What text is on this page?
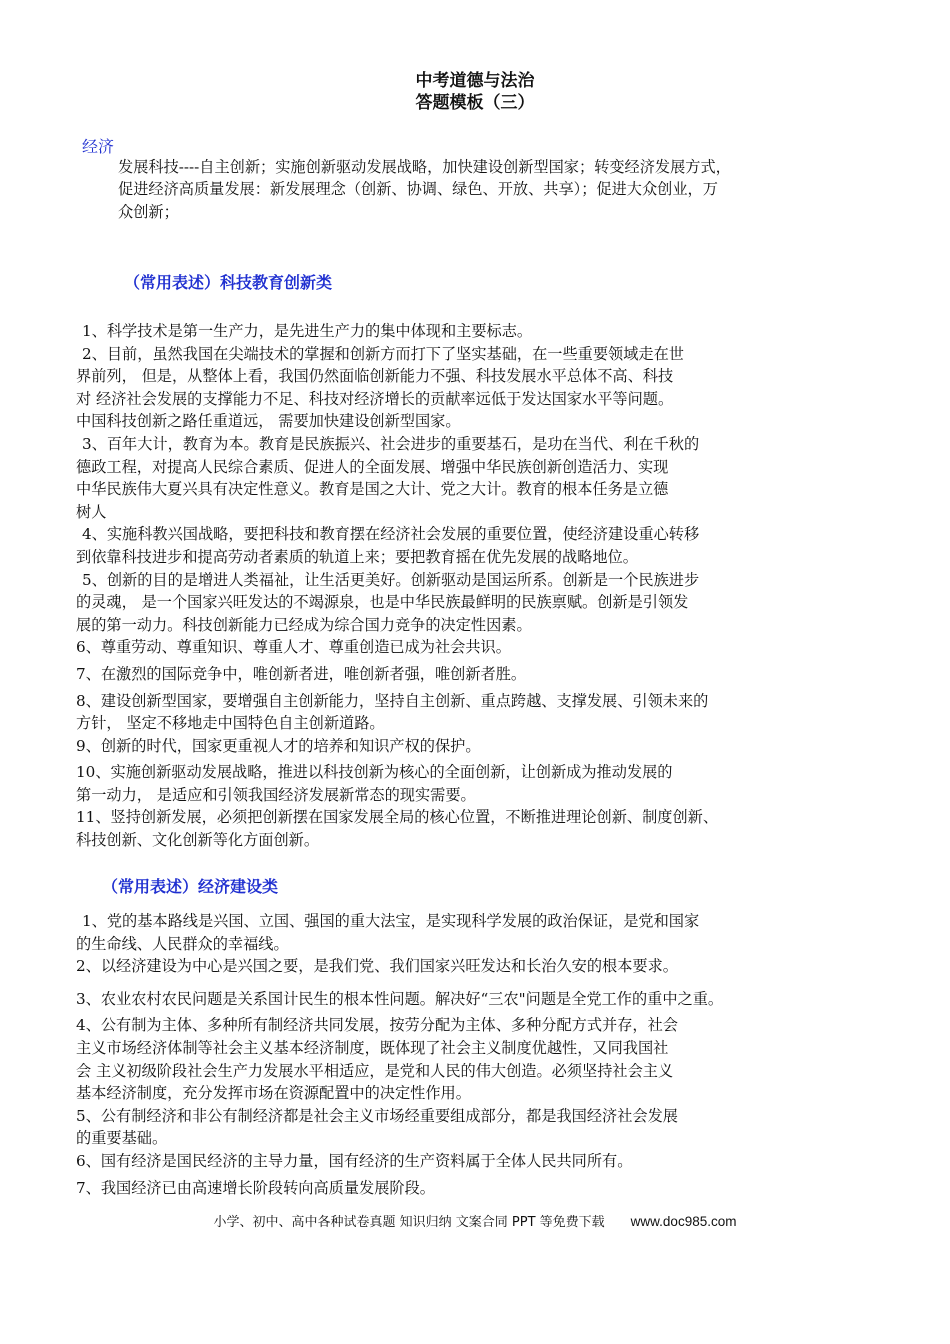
中考道德与法治
答题模板（三）
经济
发展科技----自主创新；实施创新驱动发展战略，加快建设创新型国家；转变经济发展方式，
促进经济高质量发展：新发展理念（创新、协调、绿色、开放、共享）；促进大众创业，万
众创新；
（常用表述）科技教育创新类
1、科学技术是第一生产力，是先进生产力的集中体现和主要标志。
2、目前，虽然我国在尖端技术的掌握和创新方而打下了坚实基础，在一些重要领域走在世
界前列， 但是，从整体上看，我国仍然面临创新能力不强、科技发展水平总体不高、科技
对 经济社会发展的支撑能力不足、科技对经济增长的贡献率远低于发达国家水平等问题。
中国科技创新之路任重道远， 需要加快建设创新型国家。
3、百年大计，教育为本。教育是民族振兴、社会进步的重要基石，是功在当代、利在千秋的
德政工程，对提高人民综合素质、促进人的全面发展、增强中华民族创新创造活力、实现
中华民族伟大夏兴具有决定性意义。教育是国之大计、党之大计。教育的根本任务是立德
树人
4、实施科教兴国战略，要把科技和教育摆在经济社会发展的重要位置，使经济建设重心转移
到依靠科技进步和提高劳动者素质的轨道上来；要把教育摇在优先发展的战略地位。
5、创新的目的是增进人类福祉，让生活更美好。创新驱动是国运所系。创新是一个民族进步
的灵魂， 是一个国家兴旺发达的不竭源泉，也是中华民族最鲜明的民族禀赋。创新是引领发
展的第一动力。科技创新能力已经成为综合国力竞争的决定性因素。
6、尊重劳动、尊重知识、尊重人才、尊重创造已成为社会共识。
7、在激烈的国际竞争中，唯创新者进，唯创新者强，唯创新者胜。
8、建设创新型国家，要增强自主创新能力，坚持自主创新、重点跨越、支撑发展、引领未来的
方针， 坚定不移地走中国特色自主创新道路。
9、创新的时代，国家更重视人才的培养和知识产权的保护。
10、实施创新驱动发展战略，推进以科技创新为核心的全面创新，让创新成为推动发展的
第一动力， 是适应和引领我国经济发展新常态的现实需要。
11、竖持创新发展，必须把创新摆在国家发展全局的核心位置，不断推进理论创新、制度创新、
科技创新、文化创新等化方面创新。
（常用表述）经济建设类
1、党的基本路线是兴国、立国、强国的重大法宝，是实现科学发展的政治保证，是党和国家
的生命线、人民群众的幸福线。
2、以经济建设为中心是兴国之要，是我们党、我们国家兴旺发达和长治久安的根本要求。
3、农业农村农民问题是关系国计民生的根本性问题。解决好“三农"问题是全党工作的重中之重。
4、公有制为主体、多种所有制经济共同发展，按劳分配为主体、多种分配方式并存，社会
主义市场经济体制等社会主义基本经济制度，既体现了社会主义制度优越性，又同我国社
会 主义初级阶段社会生产力发展水平相适应，是党和人民的伟大创造。必须坚持社会主义
基本经济制度，充分发挥市场在资源配置中的决定性作用。
5、公有制经济和非公有制经济都是社会主义市场经重要组成部分，都是我国经济社会发展
的重要基础。
6、国有经济是国民经济的主导力量，国有经济的生产资料属于全体人民共同所有。
7、我国经济已由高速增长阶段转向高质量发展阶段。
小学、初中、高中各种试卷真题 知识归纳 文案合同 PPT 等免费下载 www.doc985.com
